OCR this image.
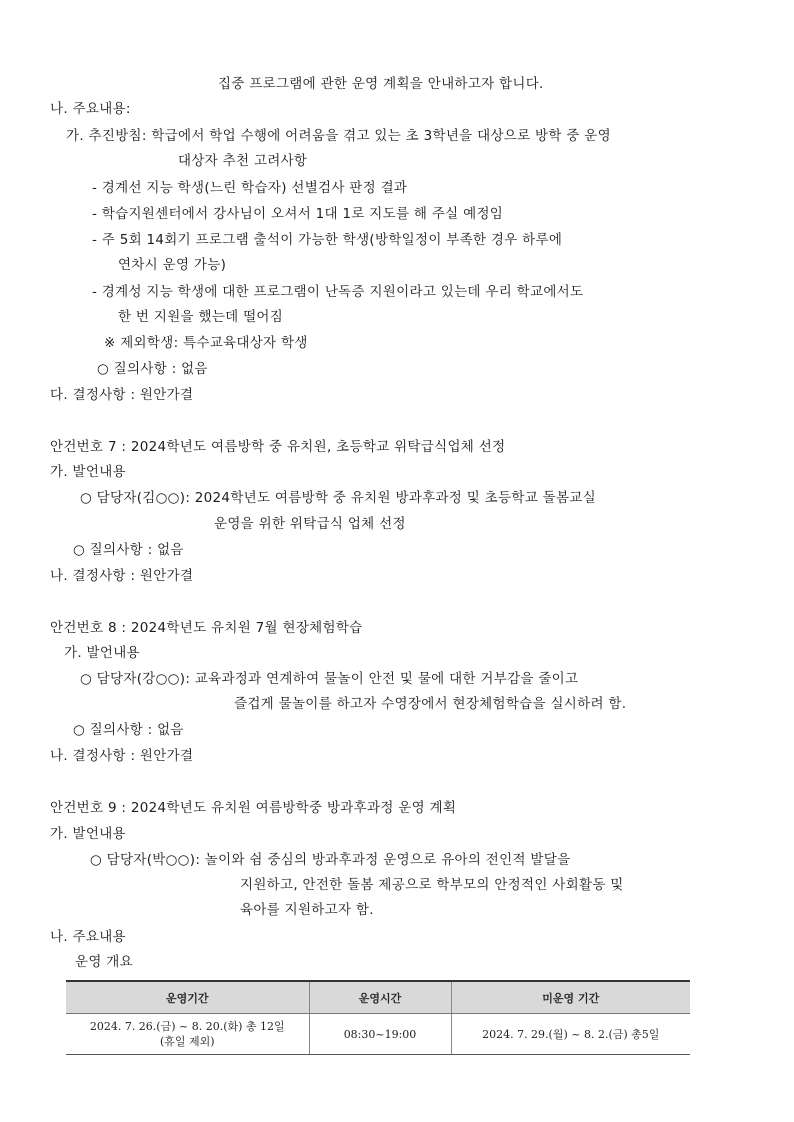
집중 프로그램에 관한 운영 계획을 안내하고자 합니다.
나. 주요내용:
가. 추진방침: 학급에서 학업 수행에 어려움을 겪고 있는 초 3학년을 대상으로 방학 중 운영
대상자 추천 고려사항
- 경계선 지능 학생(느린 학습자) 선별검사 판정 결과
- 학습지원센터에서 강사님이 오셔서 1대 1로 지도를 해 주실 예정임
- 주 5회 14회기 프로그램 출석이 가능한 학생(방학일정이 부족한 경우 하루에
연차시 운영 가능)
- 경계성 지능 학생에 대한 프로그램이 난독증 지원이라고 있는데 우리 학교에서도
한 번 지원을 했는데 떨어짐
※ 제외학생: 특수교육대상자 학생
○ 질의사항 : 없음
다. 결정사항 : 원안가결
안건번호 7 : 2024학년도 여름방학 중 유치원, 초등학교 위탁급식업체 선정
가. 발언내용
○ 담당자(김○○): 2024학년도 여름방학 중 유치원 방과후과정 및 초등학교 돌봄교실
운영을 위한 위탁급식 업체 선정
○ 질의사항 : 없음
나. 결정사항 : 원안가결
안건번호 8 : 2024학년도 유치원 7월 현장체험학습
가. 발언내용
○ 담당자(강○○): 교육과정과 연계하여 물놀이 안전 및 물에 대한 거부감을 줄이고
즐겁게 물놀이를 하고자 수영장에서 현장체험학습을 실시하려 함.
○ 질의사항 : 없음
나. 결정사항 : 원안가결
안건번호 9 : 2024학년도 유치원 여름방학중 방과후과정 운영 계획
가. 발언내용
○ 담당자(박○○): 놀이와 쉼 중심의 방과후과정 운영으로 유아의 전인적 발달을
지원하고, 안전한 돌봄 제공으로 학부모의 안정적인 사회활동 및
육아를 지원하고자 함.
나. 주요내용
운영 개요
운영기간	운영시간	미운영 기간
2024. 7. 26.(금) ~ 8. 20.(화) 총 12일
(휴일 제외)	08:30~19:00	2024. 7. 29.(월) ~ 8. 2.(금) 총5일
